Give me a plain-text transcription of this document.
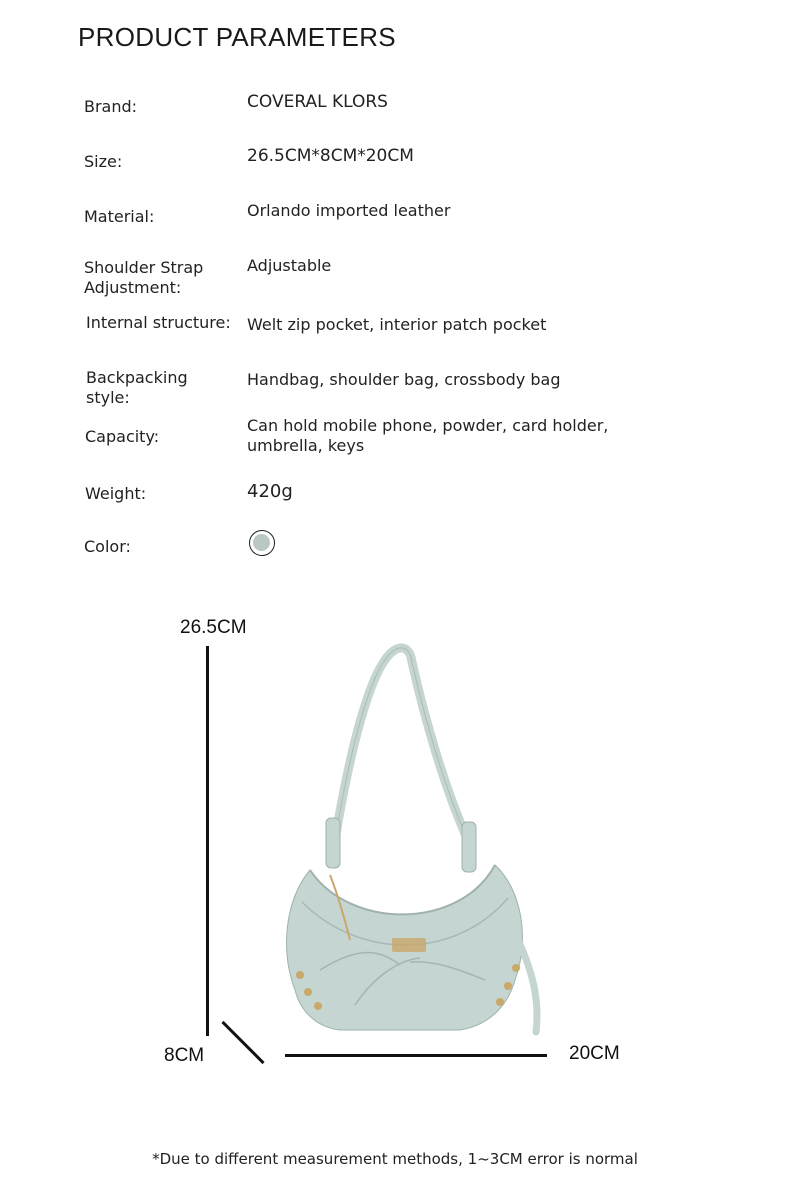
PRODUCT PARAMETERS
Brand:	COVERAL KLORS
Size:	26.5CM*8CM*20CM
Material:	Orlando imported leather
Shoulder Strap Adjustment:
Adjustable
Internal structure:	Welt zip pocket, interior patch pocket
Backpacking style:
Handbag, shoulder bag, crossbody bag
Capacity:
Can hold mobile phone, powder, card holder, umbrella, keys
Weight:	420g
Color:
26.5CM
8CM	20CM
*Due to different measurement methods, 1~3CM error is normal
